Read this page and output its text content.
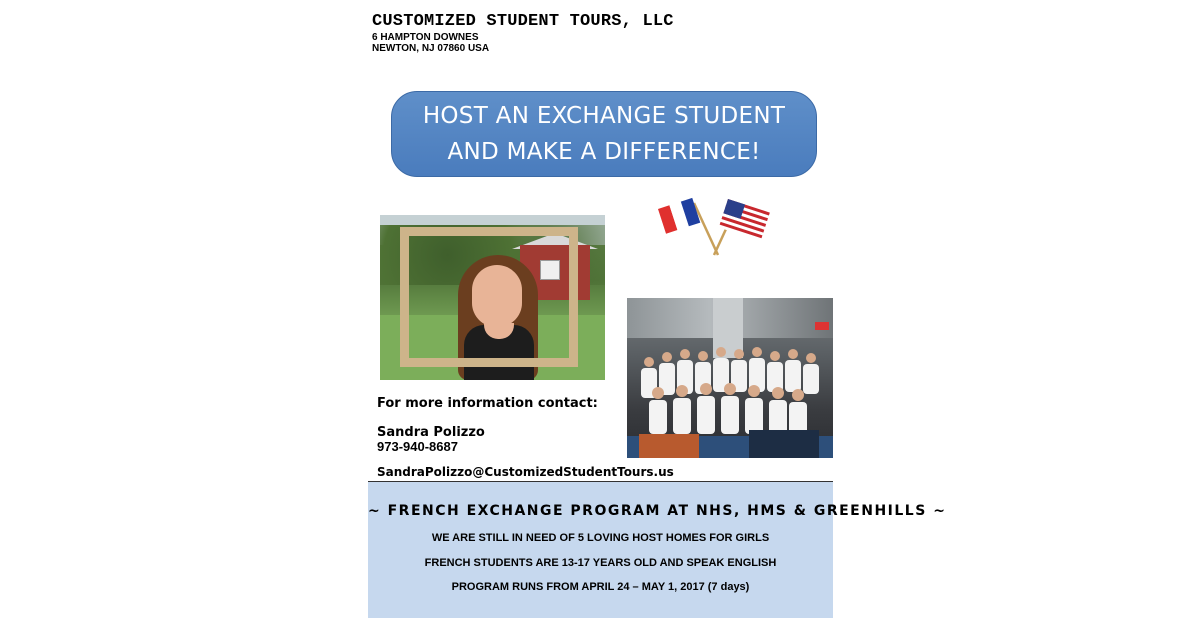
CUSTOMIZED STUDENT TOURS, LLC
6 HAMPTON DOWNES
NEWTON, NJ 07860 USA
HOST AN EXCHANGE STUDENT
AND MAKE A DIFFERENCE!
For more information contact:
Sandra Polizzo
973-940-8687
SandraPolizzo@CustomizedStudentTours.us
~ FRENCH EXCHANGE PROGRAM AT NHS, HMS & GREENHILLS ~
WE ARE STILL IN NEED OF 5 LOVING HOST HOMES FOR GIRLS
FRENCH STUDENTS ARE 13-17 YEARS OLD AND SPEAK ENGLISH
PROGRAM RUNS FROM APRIL 24 – MAY 1, 2017 (7 days)
